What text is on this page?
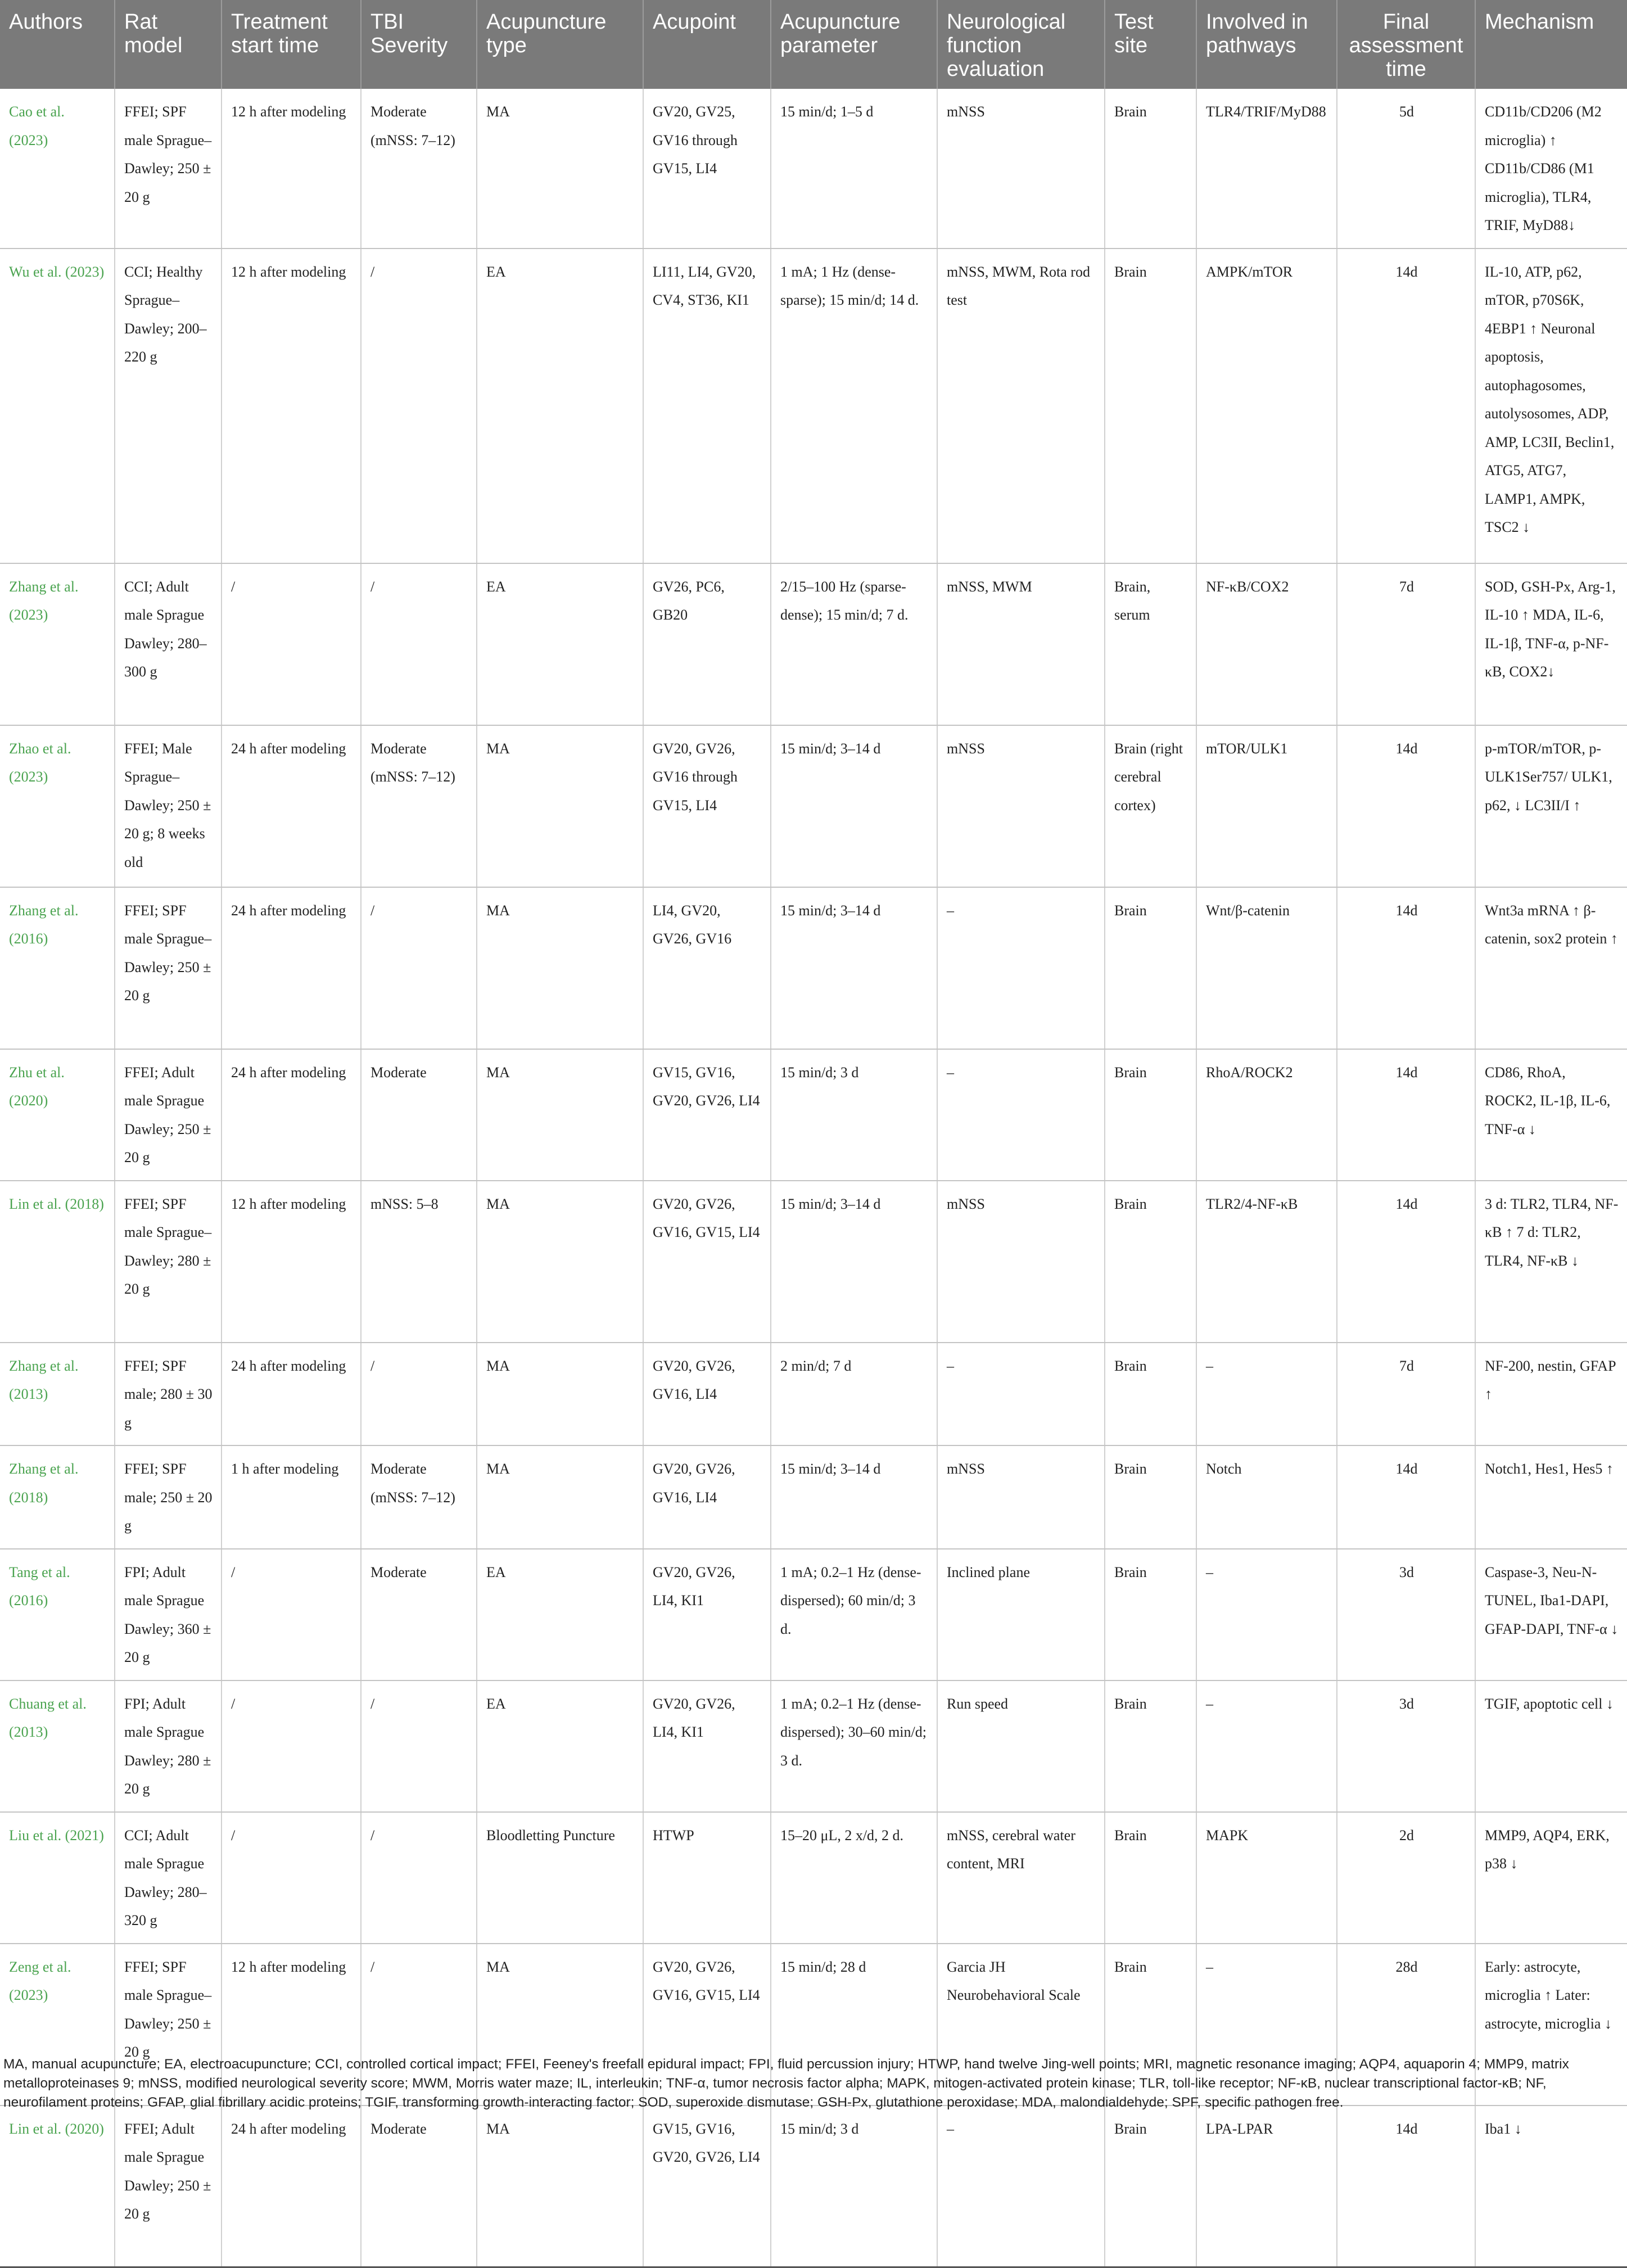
Authors	Rat model	Treatment start time	TBI Severity	Acupuncture type	Acupoint	Acupuncture parameter	Neurological function evaluation	Test site	Involved in pathways	Final assessment time	Mechanism
Cao et al. (2023)	FFEI; SPF male Sprague–Dawley; 250 ± 20 g	12 h after modeling	Moderate (mNSS: 7–12)	MA	GV20, GV25, GV16 through GV15, LI4	15 min/d; 1–5 d	mNSS	Brain	TLR4/TRIF/MyD88	5d	CD11b/CD206 (M2 microglia) ↑ CD11b/CD86 (M1 microglia), TLR4, TRIF, MyD88↓
Wu et al. (2023)	CCI; Healthy Sprague–Dawley; 200–220 g	12 h after modeling	/	EA	LI11, LI4, GV20, CV4, ST36, KI1	1 mA; 1 Hz (dense-sparse); 15 min/d; 14 d.	mNSS, MWM, Rota rod test	Brain	AMPK/mTOR	14d	IL-10, ATP, p62, mTOR, p70S6K, 4EBP1 ↑ Neuronal apoptosis, autophagosomes, autolysosomes, ADP, AMP, LC3II, Beclin1, ATG5, ATG7, LAMP1, AMPK, TSC2 ↓
Zhang et al. (2023)	CCI; Adult male Sprague Dawley; 280–300 g	/	/	EA	GV26, PC6, GB20	2/15–100 Hz (sparse-dense); 15 min/d; 7 d.	mNSS, MWM	Brain, serum	NF-κB/COX2	7d	SOD, GSH-Px, Arg-1, IL-10 ↑ MDA, IL-6, IL-1β, TNF-α, p-NF-κB, COX2↓
Zhao et al. (2023)	FFEI; Male Sprague–Dawley; 250 ± 20 g; 8 weeks old	24 h after modeling	Moderate (mNSS: 7–12)	MA	GV20, GV26, GV16 through GV15, LI4	15 min/d; 3–14 d	mNSS	Brain (right cerebral cortex)	mTOR/ULK1	14d	p-mTOR/mTOR, p-ULK1Ser757/ ULK1, p62, ↓ LC3II/I ↑
Zhang et al. (2016)	FFEI; SPF male Sprague–Dawley; 250 ± 20 g	24 h after modeling	/	MA	LI4, GV20, GV26, GV16	15 min/d; 3–14 d	–	Brain	Wnt/β-catenin	14d	Wnt3a mRNA ↑ β-catenin, sox2 protein ↑
Zhu et al. (2020)	FFEI; Adult male Sprague Dawley; 250 ± 20 g	24 h after modeling	Moderate	MA	GV15, GV16, GV20, GV26, LI4	15 min/d; 3 d	–	Brain	RhoA/ROCK2	14d	CD86, RhoA, ROCK2, IL-1β, IL-6, TNF-α ↓
Lin et al. (2018)	FFEI; SPF male Sprague–Dawley; 280 ± 20 g	12 h after modeling	mNSS: 5–8	MA	GV20, GV26, GV16, GV15, LI4	15 min/d; 3–14 d	mNSS	Brain	TLR2/4-NF-κB	14d	3 d: TLR2, TLR4, NF-κB ↑ 7 d: TLR2, TLR4, NF-κB ↓
Zhang et al. (2013)	FFEI; SPF male; 280 ± 30 g	24 h after modeling	/	MA	GV20, GV26, GV16, LI4	2 min/d; 7 d	–	Brain	–	7d	NF-200, nestin, GFAP ↑
Zhang et al. (2018)	FFEI; SPF male; 250 ± 20 g	1 h after modeling	Moderate (mNSS: 7–12)	MA	GV20, GV26, GV16, LI4	15 min/d; 3–14 d	mNSS	Brain	Notch	14d	Notch1, Hes1, Hes5 ↑
Tang et al. (2016)	FPI; Adult male Sprague Dawley; 360 ± 20 g	/	Moderate	EA	GV20, GV26, LI4, KI1	1 mA; 0.2–1 Hz (dense-dispersed); 60 min/d; 3 d.	Inclined plane	Brain	–	3d	Caspase-3, Neu-N-TUNEL, Iba1-DAPI, GFAP-DAPI, TNF-α ↓
Chuang et al. (2013)	FPI; Adult male Sprague Dawley; 280 ± 20 g	/	/	EA	GV20, GV26, LI4, KI1	1 mA; 0.2–1 Hz (dense-dispersed); 30–60 min/d; 3 d.	Run speed	Brain	–	3d	TGIF, apoptotic cell ↓
Liu et al. (2021)	CCI; Adult male Sprague Dawley; 280–320 g	/	/	Bloodletting Puncture	HTWP	15–20 μL, 2 x/d, 2 d.	mNSS, cerebral water content, MRI	Brain	MAPK	2d	MMP9, AQP4, ERK, p38 ↓
Zeng et al. (2023)	FFEI; SPF male Sprague–Dawley; 250 ± 20 g	12 h after modeling	/	MA	GV20, GV26, GV16, GV15, LI4	15 min/d; 28 d	Garcia JH Neurobehavioral Scale	Brain	–	28d	Early: astrocyte, microglia ↑ Later: astrocyte, microglia ↓
Lin et al. (2020)	FFEI; Adult male Sprague Dawley; 250 ± 20 g	24 h after modeling	Moderate	MA	GV15, GV16, GV20, GV26, LI4	15 min/d; 3 d	–	Brain	LPA-LPAR	14d	Iba1 ↓
MA, manual acupuncture; EA, electroacupuncture; CCI, controlled cortical impact; FFEI, Feeney's freefall epidural impact; FPI, fluid percussion injury; HTWP, hand twelve Jing-well points; MRI, magnetic resonance imaging; AQP4, aquaporin 4; MMP9, matrix metalloproteinases 9; mNSS, modified neurological severity score; MWM, Morris water maze; IL, interleukin; TNF-α, tumor necrosis factor alpha; MAPK, mitogen-activated protein kinase; TLR, toll-like receptor; NF-κB, nuclear transcriptional factor-κB; NF, neurofilament proteins; GFAP, glial fibrillary acidic proteins; TGIF, transforming growth-interacting factor; SOD, superoxide dismutase; GSH-Px, glutathione peroxidase; MDA, malondialdehyde; SPF, specific pathogen free.
